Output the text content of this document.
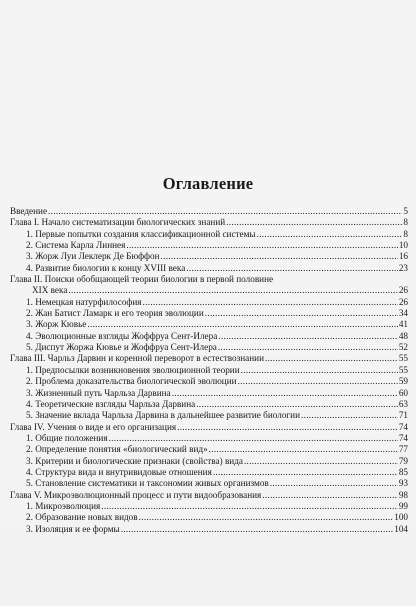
Оглавление
Введение .....	5
Глава I. Начало систематизации биологических знаний .....	8
1. Первые попытки создания классификационной системы .....	8
2. Система Карла Линнея .....	10
3. Жорж Луи Леклерк Де Бюффон .....	16
4. Развитие биологии к концу XVIII века .....	23
Глава II. Поиски обобщающей теории биологии в первой половине
XIX века .....	26
1. Немецкая натурфилософия .....	26
2. Жан Батист Ламарк и его теория эволюции .....	34
3. Жорж Кювье .....	41
4. Эволюционные взгляды Жоффруа Сент-Илера .....	48
5. Диспут Жоржа Кювье и Жоффруа Сент-Илера .....	52
Глава III. Чарльз Дарвин и коренной переворот в естествознании .....	55
1. Предпосылки возникновения эволюционной теории .....	55
2. Проблема доказательства биологической эволюции .....	59
3. Жизненный путь Чарльза Дарвина .....	60
4. Теоретические взгляды Чарльза Дарвина .....	63
5. Значение вклада Чарльза Дарвина в дальнейшее развитие биологии .....	71
Глава IV. Учения о виде и его организация .....	74
1. Общие положения .....	74
2. Определение понятия «биологический вид» .....	77
3. Критерии и биологические признаки (свойства) вида .....	79
4. Структура вида и внутривидовые отношения .....	85
5. Становление систематики и таксономии живых организмов .....	93
Глава V. Микроэволюционный процесс и пути видообразования .....	98
1. Микроэволюция .....	99
2. Образование новых видов .....	100
3. Изоляция и ее формы .....	104
